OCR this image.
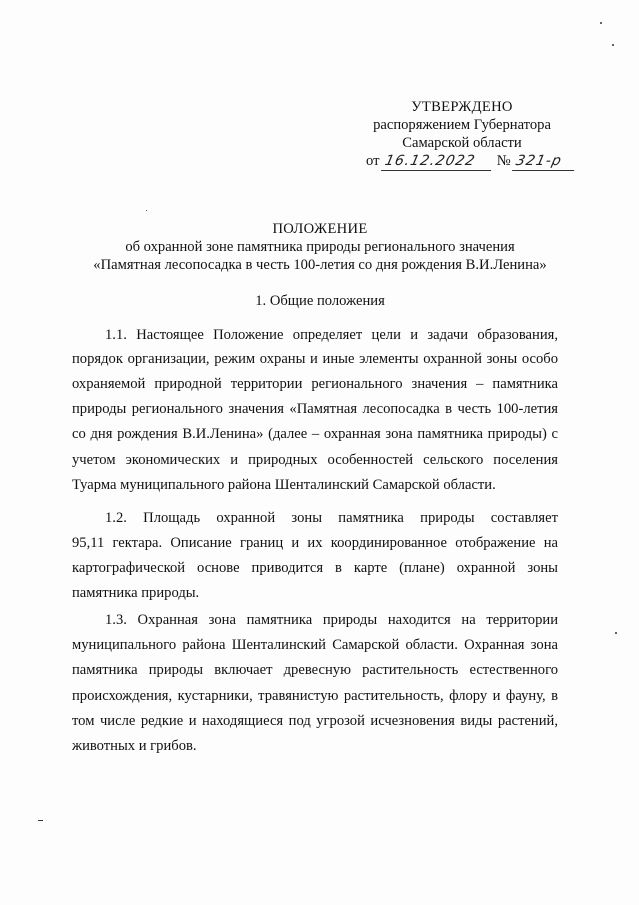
УТВЕРЖДЕНО
распоряжением Губернатора
Самарской области
от 16.12.2022 № 321-р
ПОЛОЖЕНИЕ
об охранной зоне памятника природы регионального значения
«Памятная лесопосадка в честь 100-летия со дня рождения В.И.Ленина»
1. Общие положения
1.1. Настоящее Положение определяет цели и задачи образования,
порядок организации, режим охраны и иные элементы охранной зоны особо
охраняемой природной территории регионального значения – памятника
природы регионального значения «Памятная лесопосадка в честь 100-летия
со дня рождения В.И.Ленина» (далее – охранная зона памятника природы) с
учетом экономических и природных особенностей сельского поселения
Туарма муниципального района Шенталинский Самарской области.
1.2. Площадь охранной зоны памятника природы составляет
95,11 гектара. Описание границ и их координированное отображение на
картографической основе приводится в карте (плане) охранной зоны
памятника природы.
1.3. Охранная зона памятника природы находится на территории
муниципального района Шенталинский Самарской области. Охранная зона
памятника природы включает древесную растительность естественного
происхождения, кустарники, травянистую растительность, флору и фауну, в
том числе редкие и находящиеся под угрозой исчезновения виды растений,
животных и грибов.
